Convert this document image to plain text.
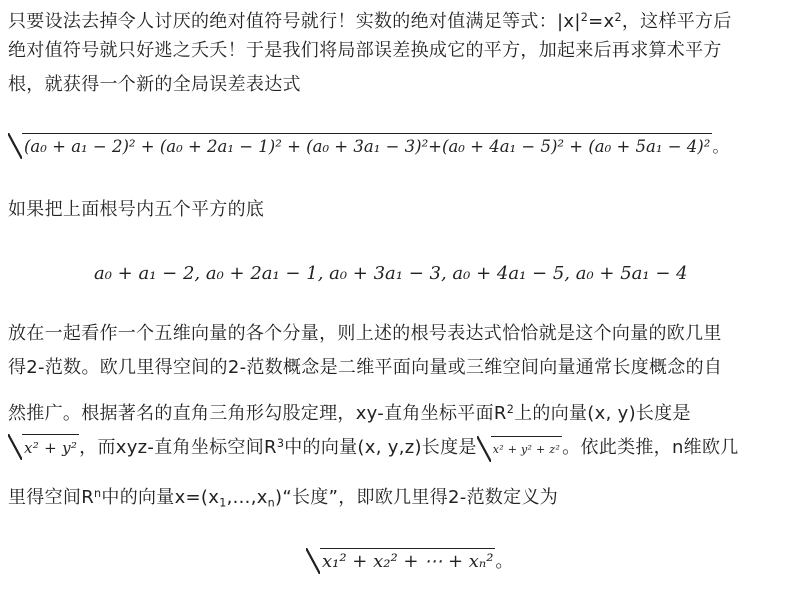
只要设法去掉令人讨厌的绝对值符号就行！实数的绝对值满足等式：$|x|^2=x^2$，这样平方后
绝对值符号就只好逃之夭夭！于是我们将局部误差换成它的平方，加起来后再求算术平方
根，就获得一个新的全局误差表达式
(a₀ + a₁ − 2)² + (a₀ + 2a₁ − 1)² + (a₀ + 3a₁ − 3)²+(a₀ + 4a₁ − 5)² + (a₀ + 5a₁ − 4)² 。
如果把上面根号内五个平方的底
a₀ + a₁ − 2, a₀ + 2a₁ − 1, a₀ + 3a₁ − 3, a₀ + 4a₁ − 5, a₀ + 5a₁ − 4
放在一起看作一个五维向量的各个分量，则上述的根号表达式恰恰就是这个向量的欧几里
得2-范数。欧几里得空间的2-范数概念是二维平面向量或三维空间向量通常长度概念的自
然推广。根据著名的直角三角形勾股定理，xy-直角坐标平面$R^2$上的向量(x, y)长度是
x² + y² ，而xyz-直角坐标空间$R^3$中的向量(x, y,z)长度是 x² + y² + z² 。依此类推，n维欧几
里得空间$R^n$中的向量$x=(x_1,...,x_n)“$长度”，即欧几里得2-范数定义为
x₁² + x₂² + ⋯ + xₙ² 。
